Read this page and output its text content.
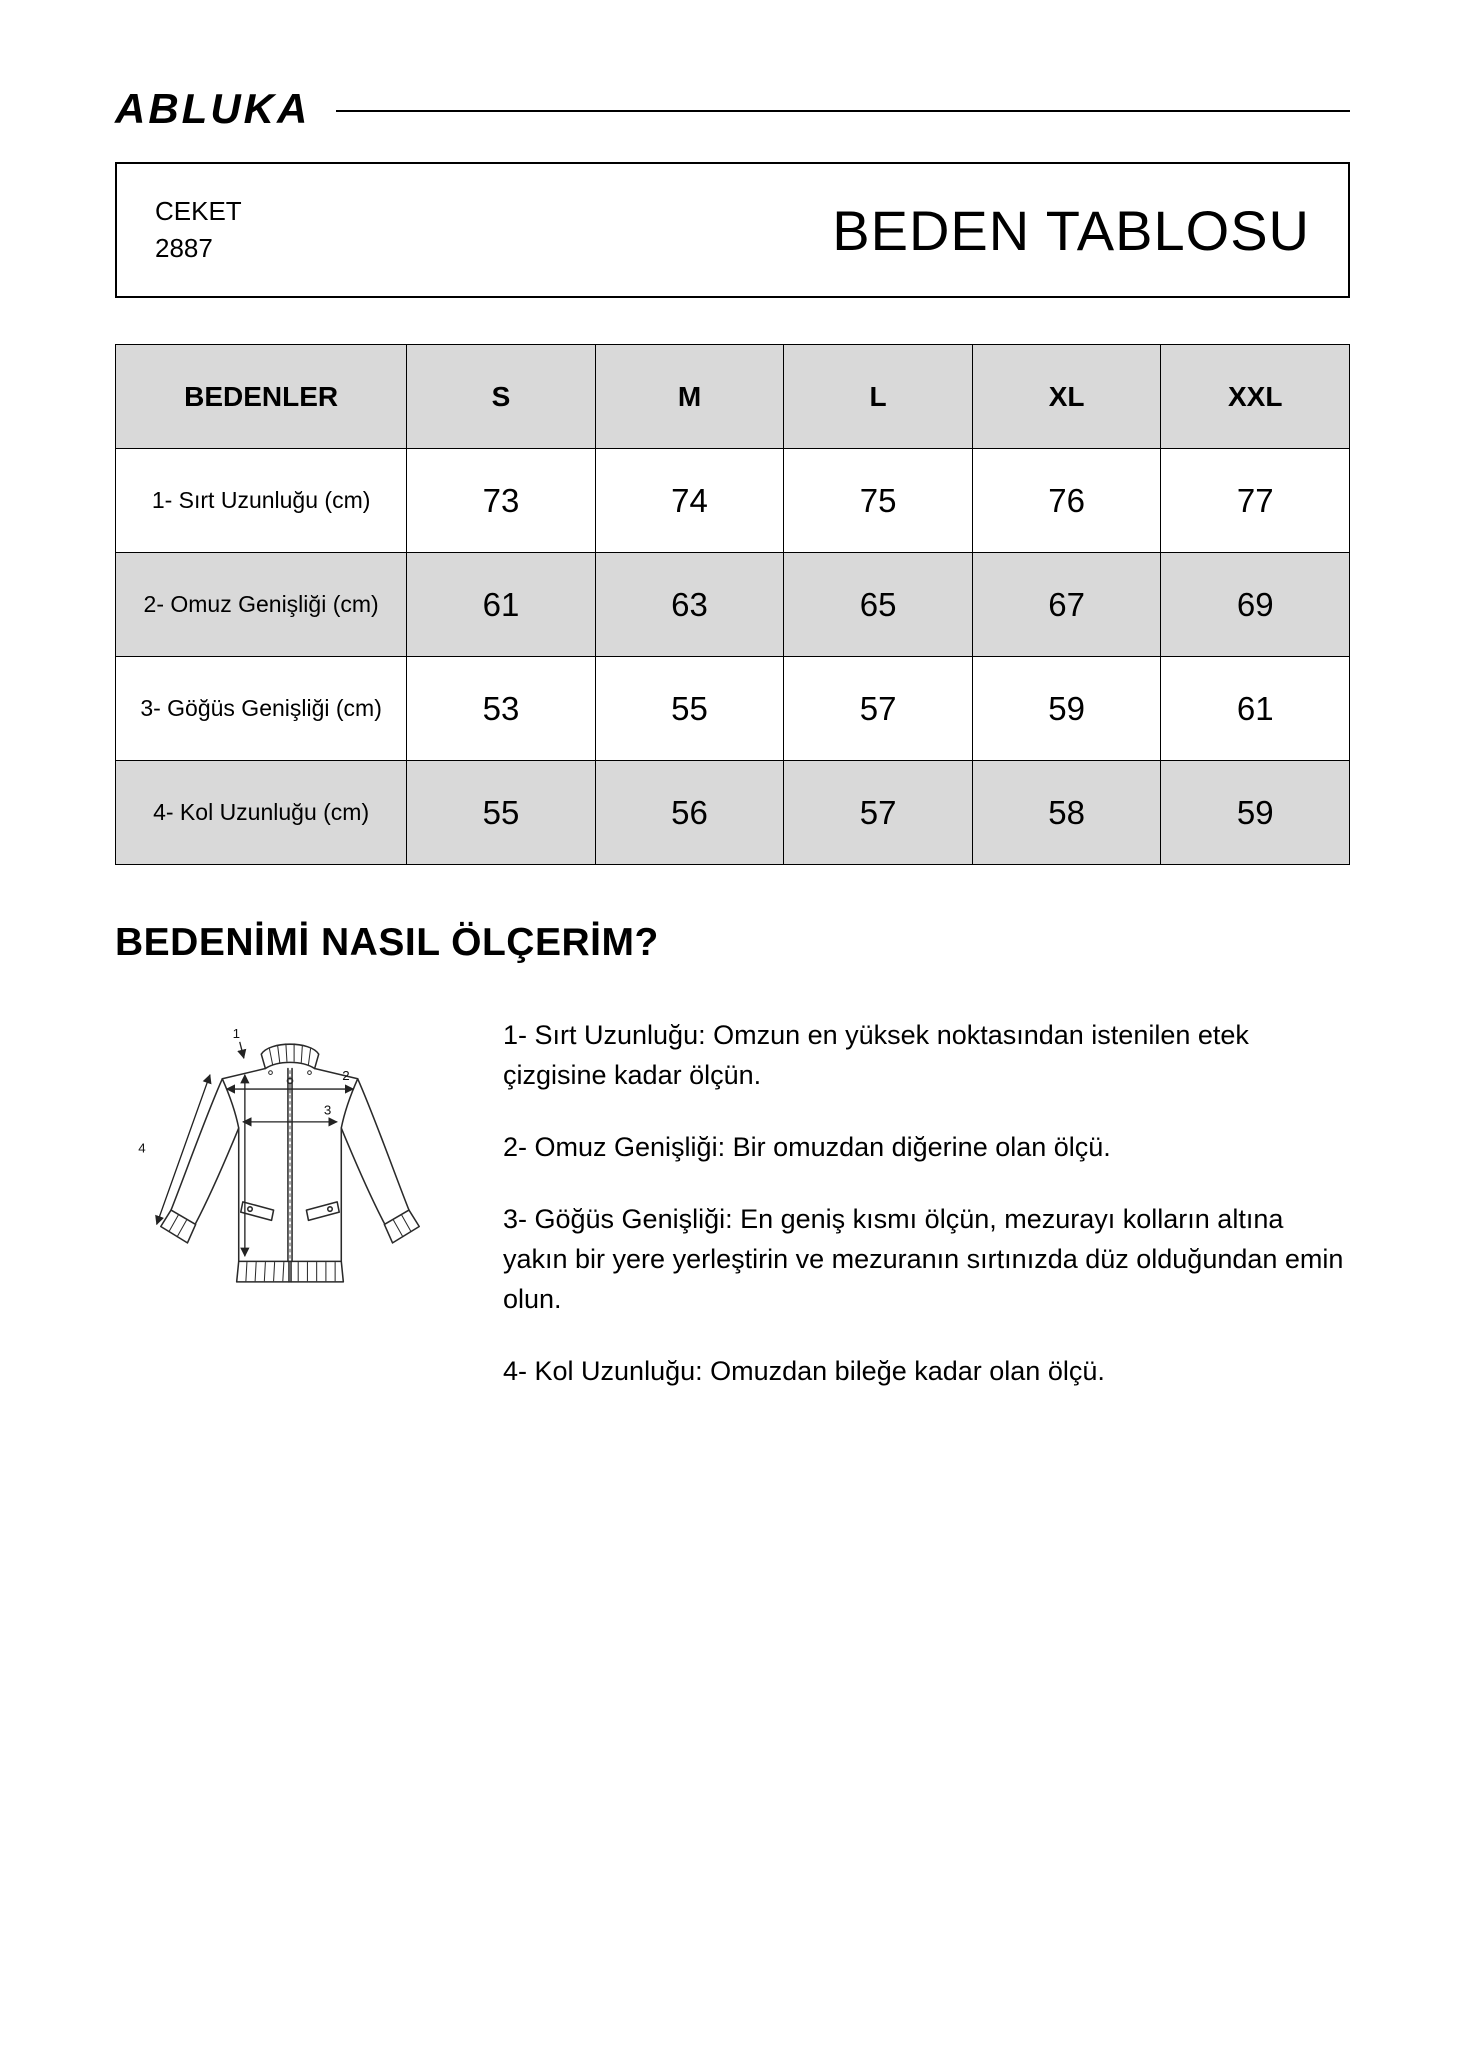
ABLUKA
CEKET
2887	BEDEN TABLOSU
BEDENLER	S	M	L	XL	XXL
1- Sırt Uzunluğu (cm)	73	74	75	76	77
2- Omuz Genişliği (cm)	61	63	65	67	69
3- Göğüs Genişliği (cm)	53	55	57	59	61
4- Kol Uzunluğu (cm)	55	56	57	58	59
BEDENİMİ NASIL ÖLÇERİM?
1
2
3
4

1- Sırt Uzunluğu: Omzun en yüksek noktasından istenilen etek çizgisine kadar ölçün.

2- Omuz Genişliği: Bir omuzdan diğerine olan ölçü.

3- Göğüs Genişliği: En geniş kısmı ölçün, mezurayı kolların altına yakın bir yere yerleştirin ve mezuranın sırtınızda düz olduğundan emin olun.

4- Kol Uzunluğu: Omuzdan bileğe kadar olan ölçü.
